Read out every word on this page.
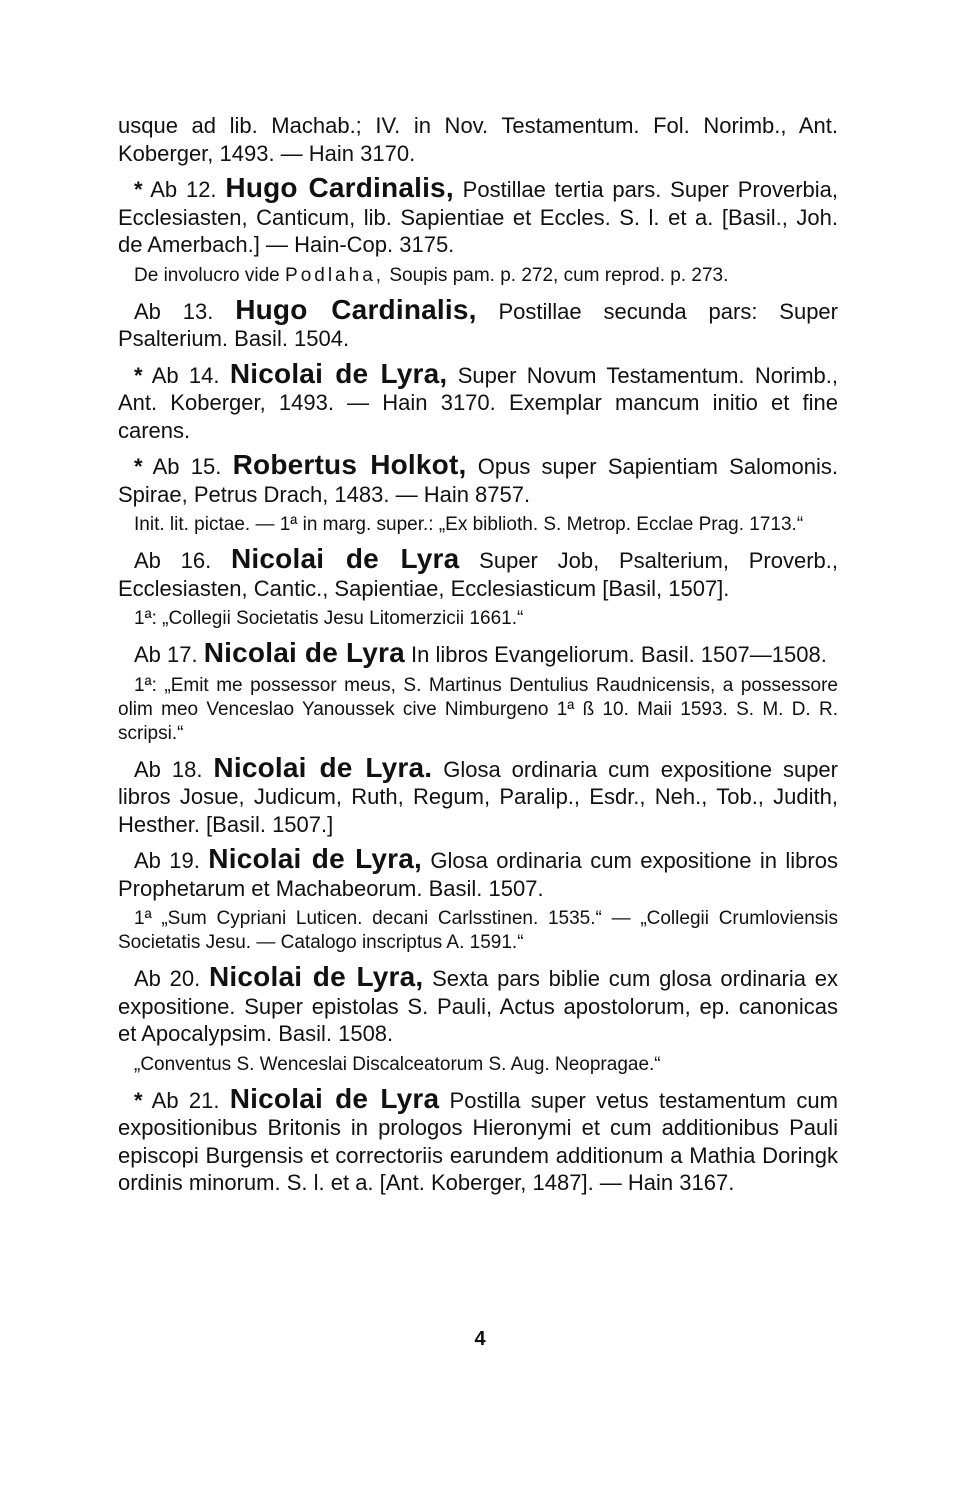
usque ad lib. Machab.; IV. in Nov. Testamentum. Fol. Norimb., Ant. Koberger, 1493. — Hain 3170.

* Ab 12. Hugo Cardinalis, Postillae tertia pars. Super Proverbia, Ecclesiasten, Canticum, lib. Sapientiae et Eccles. S. l. et a. [Basil., Joh. de Amerbach.] — Hain-Cop. 3175.

De involucro vide Podlaha, Soupis pam. p. 272, cum reprod. p. 273.

Ab 13. Hugo Cardinalis, Postillae secunda pars: Super Psalterium. Basil. 1504.

* Ab 14. Nicolai de Lyra, Super Novum Testamentum. Norimb., Ant. Koberger, 1493. — Hain 3170. Exemplar mancum initio et fine carens.

* Ab 15. Robertus Holkot, Opus super Sapientiam Salomonis. Spirae, Petrus Drach, 1483. — Hain 8757.

Init. lit. pictae. — 1ª in marg. super.: „Ex biblioth. S. Metrop. Ecclae Prag. 1713.“

Ab 16. Nicolai de Lyra Super Job, Psalterium, Proverb., Ecclesiasten, Cantic., Sapientiae, Ecclesiasticum [Basil, 1507].

1ª: „Collegii Societatis Jesu Litomerzicii 1661.“

Ab 17. Nicolai de Lyra In libros Evangeliorum. Basil. 1507—1508.

1ª: „Emit me possessor meus, S. Martinus Dentulius Raudnicensis, a possessore olim meo Venceslao Yanoussek cive Nimburgeno 1ª ß 10. Maii 1593. S. M. D. R. scripsi.“

Ab 18. Nicolai de Lyra. Glosa ordinaria cum expositione super libros Josue, Judicum, Ruth, Regum, Paralip., Esdr., Neh., Tob., Judith, Hesther. [Basil. 1507.]

Ab 19. Nicolai de Lyra, Glosa ordinaria cum expositione in libros Prophetarum et Machabeorum. Basil. 1507.

1ª „Sum Cypriani Luticen. decani Carlsstinen. 1535.“ — „Collegii Crumloviensis Societatis Jesu. — Catalogo inscriptus A. 1591.“

Ab 20. Nicolai de Lyra, Sexta pars biblie cum glosa ordinaria ex expositione. Super epistolas S. Pauli, Actus apostolorum, ep. canonicas et Apocalypsim. Basil. 1508.

„Conventus S. Wenceslai Discalceatorum S. Aug. Neopragae.“

* Ab 21. Nicolai de Lyra Postilla super vetus testamentum cum expositionibus Britonis in prologos Hieronymi et cum additionibus Pauli episcopi Burgensis et correctoriis earundem additionum a Mathia Doringk ordinis minorum. S. l. et a. [Ant. Koberger, 1487]. — Hain 3167.

4
